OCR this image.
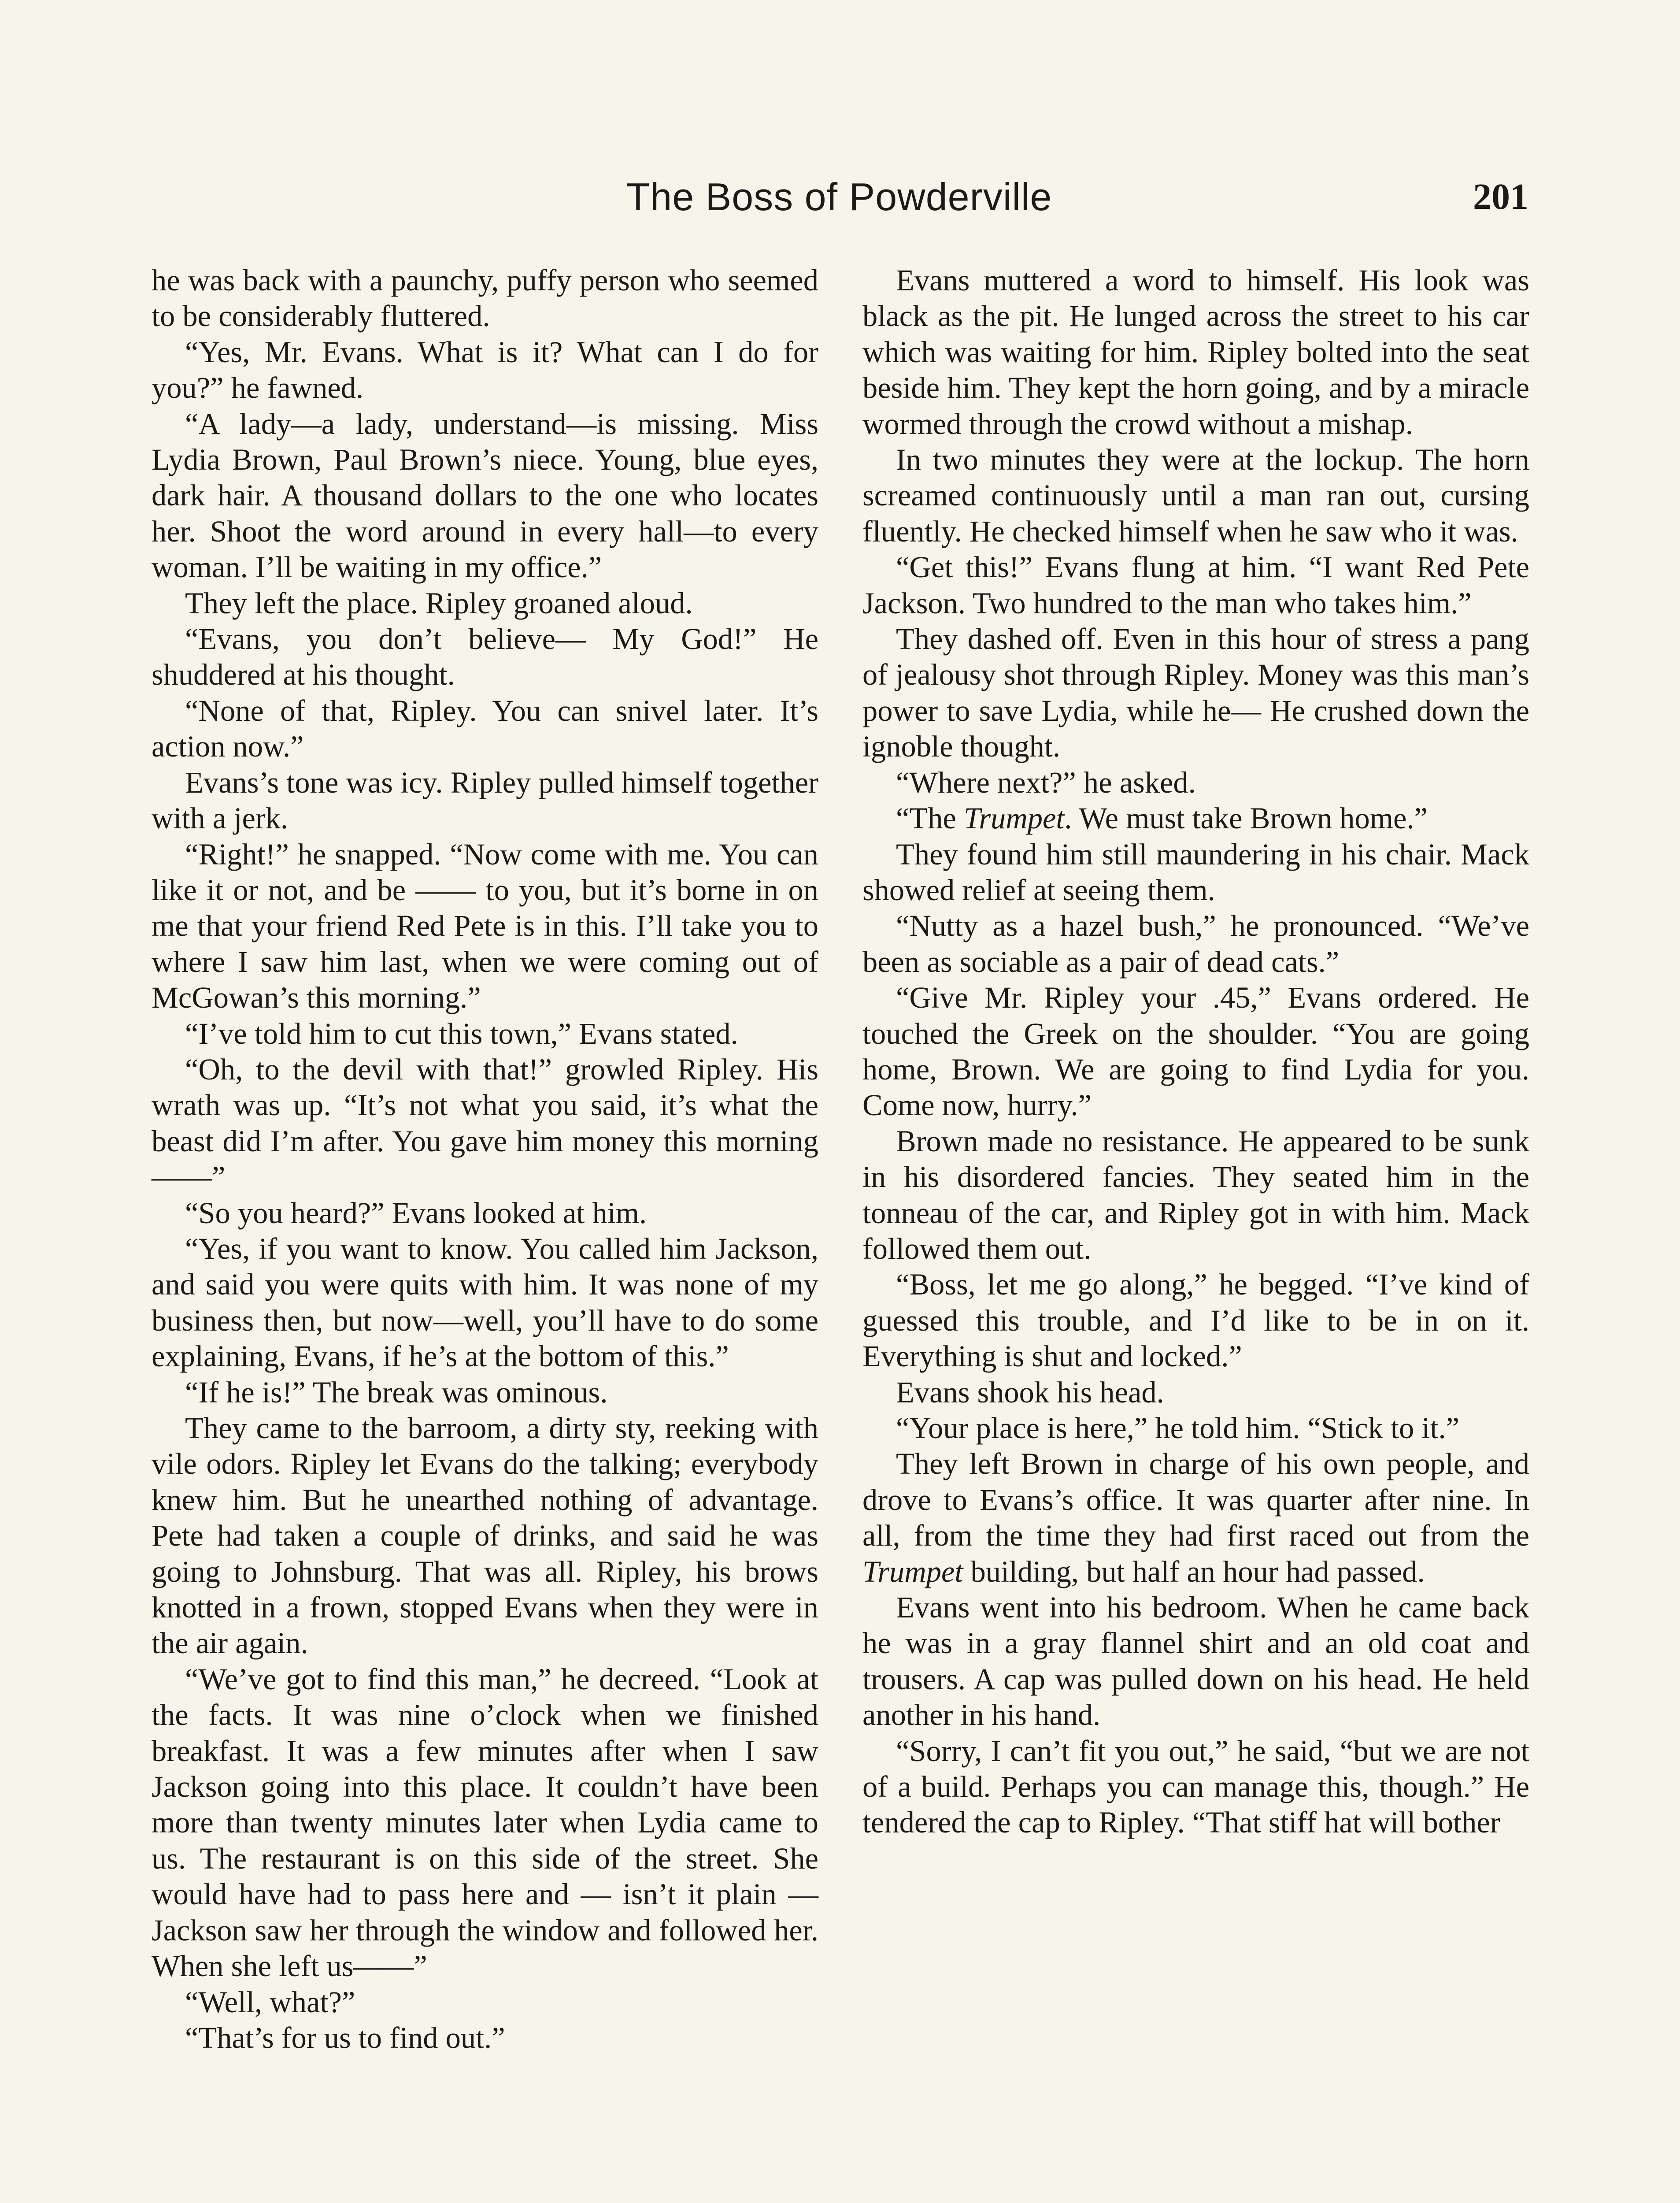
The Boss of Powderville	201

he was back with a paunchy, puffy person who seemed to be considerably fluttered.

“Yes, Mr. Evans. What is it? What can I do for you?” he fawned.

“A lady—a lady, understand—is missing. Miss Lydia Brown, Paul Brown’s niece. Young, blue eyes, dark hair. A thousand dollars to the one who locates her. Shoot the word around in every hall—to every woman. I’ll be waiting in my office.”

They left the place. Ripley groaned aloud.

“Evans, you don’t believe— My God!” He shuddered at his thought.

“None of that, Ripley. You can snivel later. It’s action now.”

Evans’s tone was icy. Ripley pulled himself together with a jerk.

“Right!” he snapped. “Now come with me. You can like it or not, and be —— to you, but it’s borne in on me that your friend Red Pete is in this. I’ll take you to where I saw him last, when we were coming out of McGowan’s this morning.”

“I’ve told him to cut this town,” Evans stated.

“Oh, to the devil with that!” growled Ripley. His wrath was up. “It’s not what you said, it’s what the beast did I’m after. You gave him money this morning——”

“So you heard?” Evans looked at him.

“Yes, if you want to know. You called him Jackson, and said you were quits with him. It was none of my business then, but now—well, you’ll have to do some explaining, Evans, if he’s at the bottom of this.”

“If he is!” The break was ominous.

They came to the barroom, a dirty sty, reeking with vile odors. Ripley let Evans do the talking; everybody knew him. But he unearthed nothing of advantage. Pete had taken a couple of drinks, and said he was going to Johnsburg. That was all. Ripley, his brows knotted in a frown, stopped Evans when they were in the air again.

“We’ve got to find this man,” he decreed. “Look at the facts. It was nine o’clock when we finished breakfast. It was a few minutes after when I saw Jackson going into this place. It couldn’t have been more than twenty minutes later when Lydia came to us. The restaurant is on this side of the street. She would have had to pass here and — isn’t it plain — Jackson saw her through the window and followed her. When she left us——”

“Well, what?”

“That’s for us to find out.”

Evans muttered a word to himself. His look was black as the pit. He lunged across the street to his car which was waiting for him. Ripley bolted into the seat beside him. They kept the horn going, and by a miracle wormed through the crowd without a mishap.

In two minutes they were at the lockup. The horn screamed continuously until a man ran out, cursing fluently. He checked himself when he saw who it was.

“Get this!” Evans flung at him. “I want Red Pete Jackson. Two hundred to the man who takes him.”

They dashed off. Even in this hour of stress a pang of jealousy shot through Ripley. Money was this man’s power to save Lydia, while he— He crushed down the ignoble thought.

“Where next?” he asked.

“The Trumpet. We must take Brown home.”

They found him still maundering in his chair. Mack showed relief at seeing them.

“Nutty as a hazel bush,” he pronounced. “We’ve been as sociable as a pair of dead cats.”

“Give Mr. Ripley your .45,” Evans ordered. He touched the Greek on the shoulder. “You are going home, Brown. We are going to find Lydia for you. Come now, hurry.”

Brown made no resistance. He appeared to be sunk in his disordered fancies. They seated him in the tonneau of the car, and Ripley got in with him. Mack followed them out.

“Boss, let me go along,” he begged. “I’ve kind of guessed this trouble, and I’d like to be in on it. Everything is shut and locked.”

Evans shook his head.

“Your place is here,” he told him. “Stick to it.”

They left Brown in charge of his own people, and drove to Evans’s office. It was quarter after nine. In all, from the time they had first raced out from the Trumpet building, but half an hour had passed.

Evans went into his bedroom. When he came back he was in a gray flannel shirt and an old coat and trousers. A cap was pulled down on his head. He held another in his hand.

“Sorry, I can’t fit you out,” he said, “but we are not of a build. Perhaps you can manage this, though.” He tendered the cap to Ripley. “That stiff hat will bother
